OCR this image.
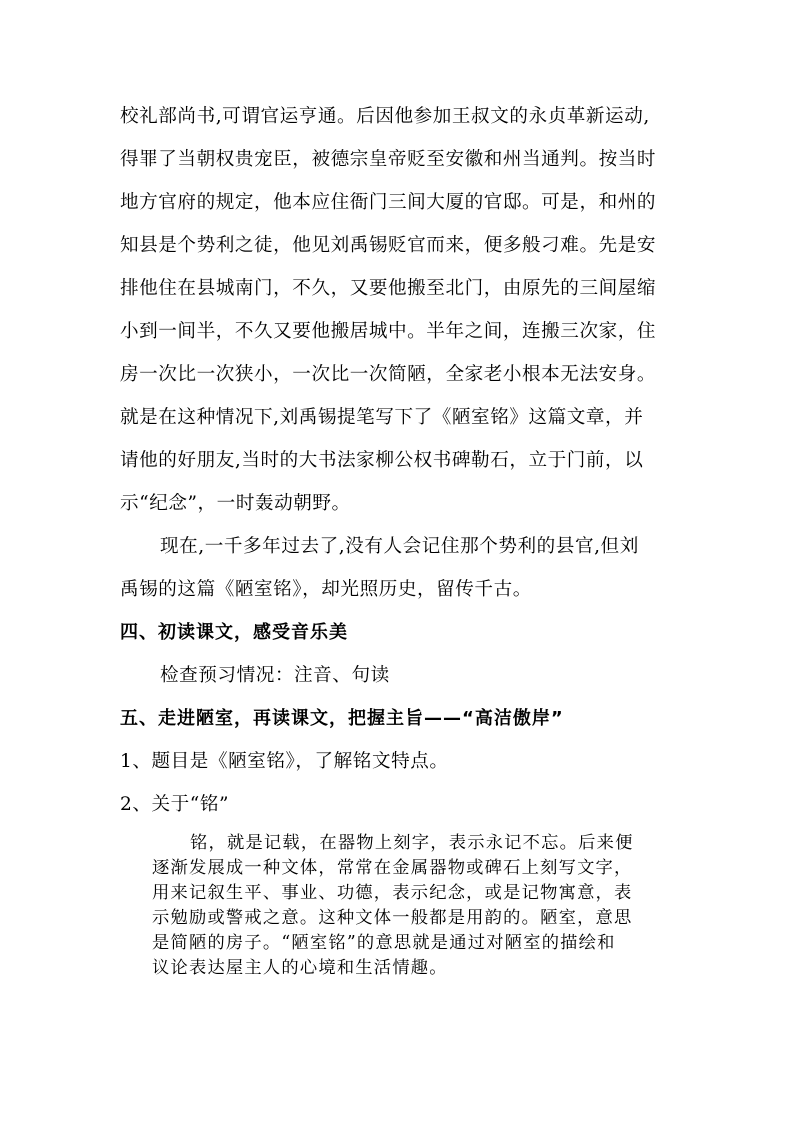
校礼部尚书,可谓官运亨通。后因他参加王叔文的永贞革新运动,
得罪了当朝权贵宠臣，被德宗皇帝贬至安徽和州当通判。按当时
地方官府的规定，他本应住衙门三间大厦的官邸。可是，和州的
知县是个势利之徒，他见刘禹锡贬官而来，便多般刁难。先是安
排他住在县城南门，不久，又要他搬至北门，由原先的三间屋缩
小到一间半，不久又要他搬居城中。半年之间，连搬三次家，住
房一次比一次狭小，一次比一次简陋，全家老小根本无法安身。
就是在这种情况下,刘禹锡提笔写下了《陋室铭》这篇文章，并
请他的好朋友,当时的大书法家柳公权书碑勒石，立于门前，以
示“纪念”，一时轰动朝野。
现在,一千多年过去了,没有人会记住那个势利的县官,但刘
禹锡的这篇《陋室铭》，却光照历史，留传千古。
四、初读课文，感受音乐美
检查预习情况：注音、句读
五、走进陋室，再读课文，把握主旨——“高洁傲岸”
1、题目是《陋室铭》，了解铭文特点。
2、关于“铭”
铭，就是记载，在器物上刻字，表示永记不忘。后来便
逐渐发展成一种文体，常常在金属器物或碑石上刻写文字，
用来记叙生平、事业、功德，表示纪念，或是记物寓意，表
示勉励或警戒之意。这种文体一般都是用韵的。陋室，意思
是简陋的房子。“陋室铭”的意思就是通过对陋室的描绘和
议论表达屋主人的心境和生活情趣。
